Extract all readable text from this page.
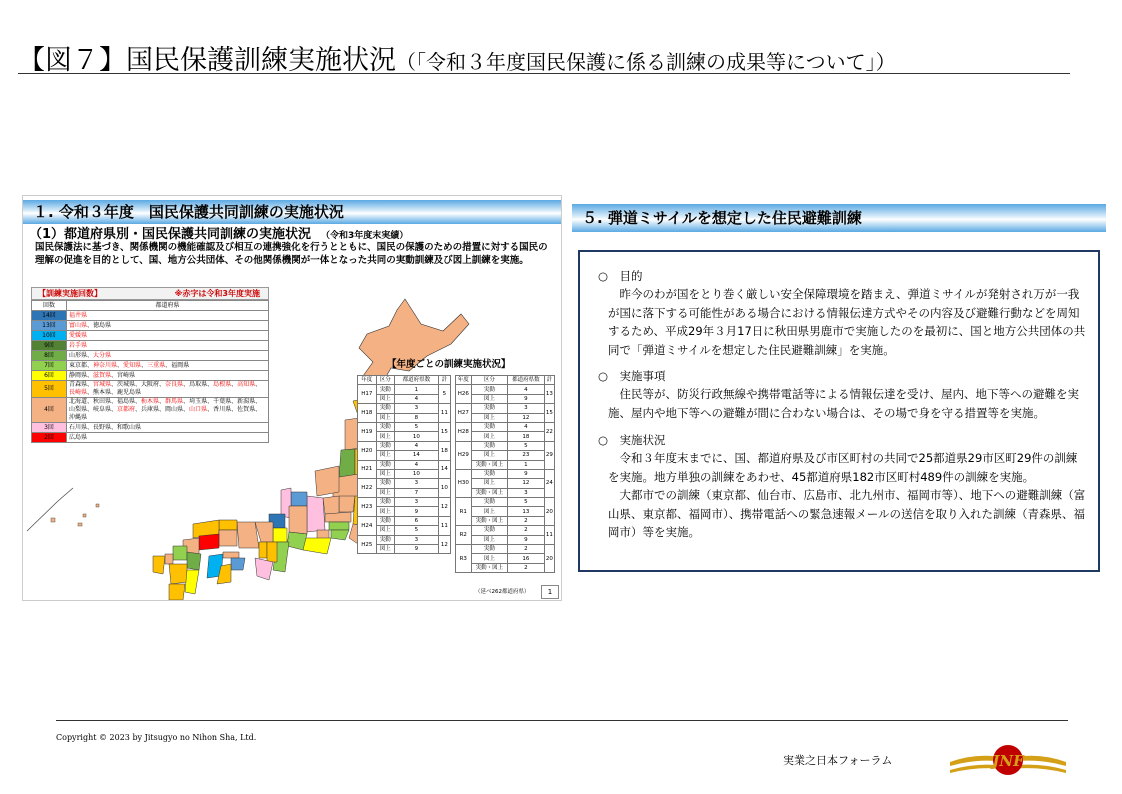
【図７】国民保護訓練実施状況（「令和３年度国民保護に係る訓練の成果等について」）
１. 令和３年度　国民保護共同訓練の実施状況
（1）都道府県別・国民保護共同訓練の実施状況 （令和3年度末実績）
国民保護法に基づき、関係機関の機能確認及び相互の連携強化を行うとともに、国民の保護のための措置に対する国民の理解の促進を目的として、国、地方公共団体、その他関係機関が一体となった共同の実動訓練及び図上訓練を実施。
【訓練実施回数】	※赤字は令和3年度実施
回数	都道府県
14回	福井県
13回	富山県、徳島県
10回	愛媛県
9回	岩手県
8回	山形県、大分県
7回	東京都、神奈川県、愛知県、三重県、福岡県
6回	静岡県、滋賀県、宮崎県
5回	青森県、宮城県、茨城県、大阪府、奈良県、鳥取県、島根県、高知県、長崎県、熊本県、鹿児島県
4回	北海道、秋田県、福島県、栃木県、群馬県、埼玉県、千葉県、新潟県、山梨県、岐阜県、京都府、兵庫県、岡山県、山口県、香川県、佐賀県、沖縄県
3回	石川県、長野県、和歌山県
2回	広島県
【年度ごとの訓練実施状況】
年度	区分	都道府県数	計
H17	実動	1	5
	図上	4	
H18	実動	3	11
	図上	8	
H19	実動	5	15
	図上	10	
H20	実動	4	18
	図上	14	
H21	実動	4	14
	図上	10	
H22	実動	3	10
	図上	7	
H23	実動	3	12
	図上	9	
H24	実動	6	11
	図上	5	
H25	実動	3	12
	図上	9	
年度	区分	都道府県数	計
H26	実動	4	13
	図上	9	
H27	実動	3	15
	図上	12	
H28	実動	4	22
	図上	18	
H29	実動	5	29
	図上	23	
	実動・図上	1	
H30	実動	9	24
	図上	12	
	実動・図上	3	
R1	実動	5	20
	図上	13	
	実動・図上	2	
R2	実動	2	11
	図上	9	
R3	実動	2	20
	図上	16	
	実動・図上	2	
（延べ262都道府県）	1
５. 弾道ミサイルを想定した住民避難訓練
○　目的

昨今のわが国をとり巻く厳しい安全保障環境を踏まえ、弾道ミサイルが発射され万が一我が国に落下する可能性がある場合における情報伝達方式やその内容及び避難行動などを周知するため、平成29年３月17日に秋田県男鹿市で実施したのを最初に、国と地方公共団体の共同で「弾道ミサイルを想定した住民避難訓練」を実施。

○　実施事項

住民等が、防災行政無線や携帯電話等による情報伝達を受け、屋内、地下等への避難を実施、屋内や地下等への避難が間に合わない場合は、その場で身を守る措置等を実施。

○　実施状況

令和３年度末までに、国、都道府県及び市区町村の共同で25都道県29市区町29件の訓練を実施。地方単独の訓練をあわせ、45都道府県182市区町村489件の訓練を実施。

大都市での訓練（東京都、仙台市、広島市、北九州市、福岡市等）、地下への避難訓練（富山県、東京都、福岡市）、携帯電話への緊急速報メールの送信を取り入れた訓練（青森県、福岡市）等を実施。

Copyright © 2023 by Jitsugyo no Nihon Sha, Ltd.
実業之日本フォーラム	JNF
